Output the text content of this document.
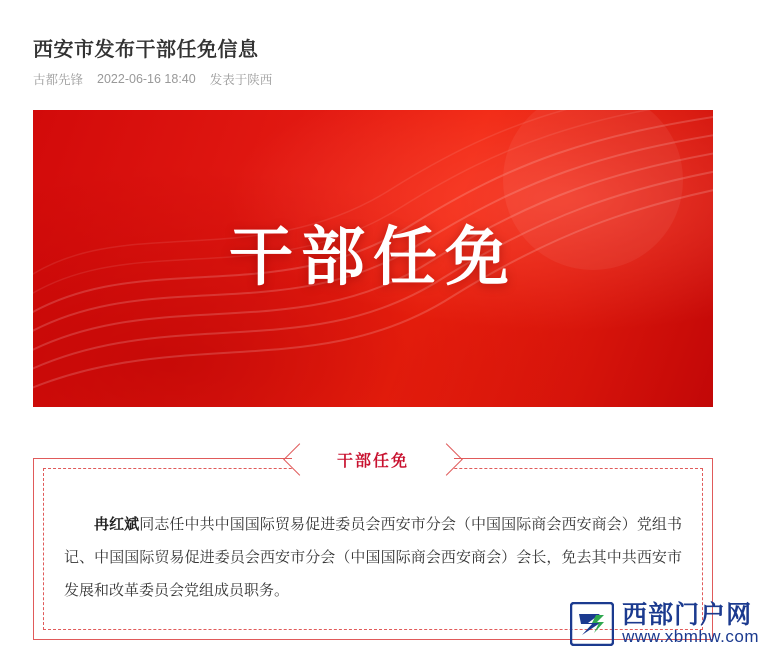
西安市发布干部任免信息
古都先锋 2022-06-16 18:40 发表于陕西
干部任免
干部任免

冉红斌同志任中共中国国际贸易促进委员会西安市分会（中国国际商会西安商会）党组书记、中国国际贸易促进委员会西安市分会（中国国际商会西安商会）会长，免去其中共西安市发展和改革委员会党组成员职务。

西部门户网
www.xbmhw.com
